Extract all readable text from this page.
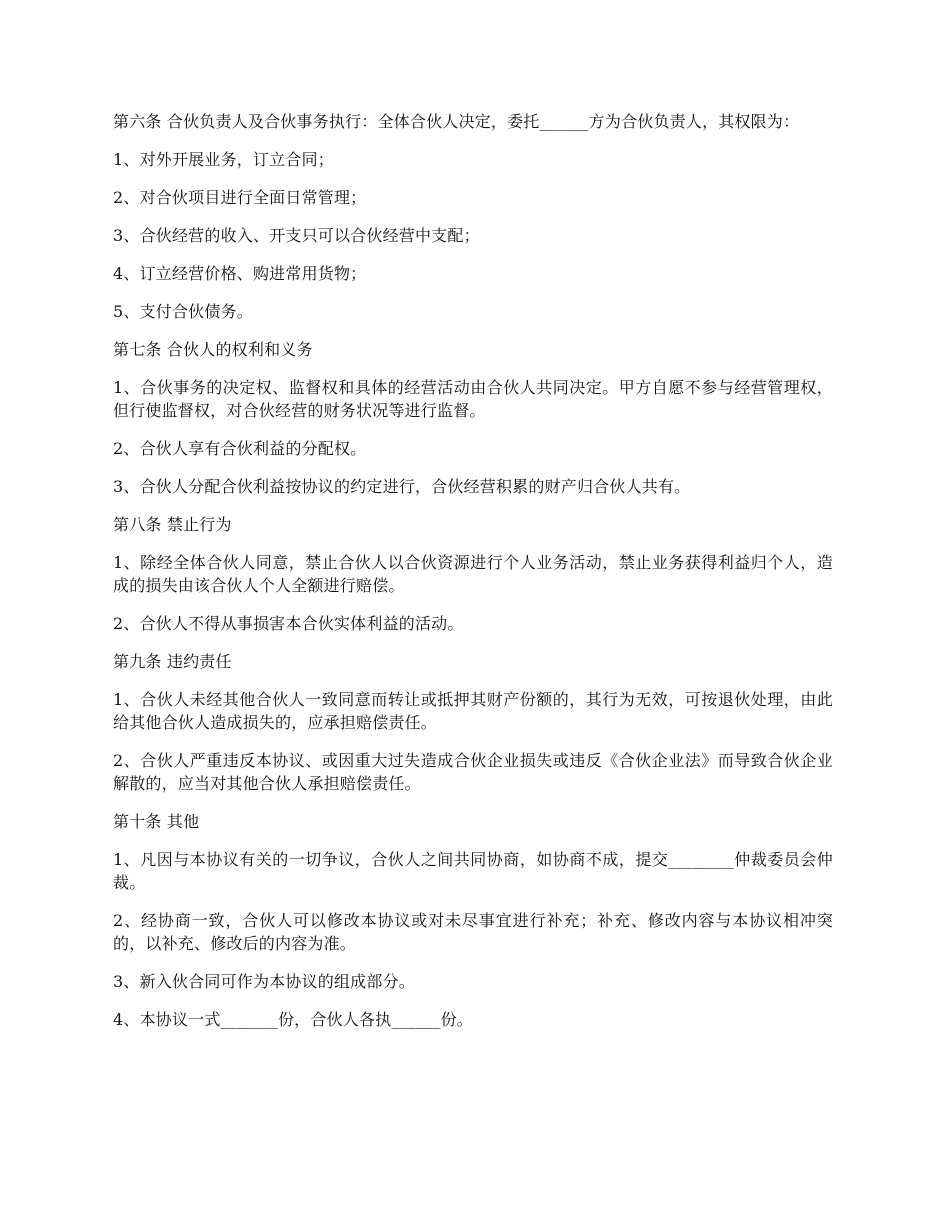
第六条 合伙负责人及合伙事务执行：全体合伙人决定，委托______方为合伙负责人，其权限为：

1、对外开展业务，订立合同；

2、对合伙项目进行全面日常管理；

3、合伙经营的收入、开支只可以合伙经营中支配；

4、订立经营价格、购进常用货物；

5、支付合伙债务。

第七条 合伙人的权利和义务

1、合伙事务的决定权、监督权和具体的经营活动由合伙人共同决定。甲方自愿不参与经营管理权，但行使监督权，对合伙经营的财务状况等进行监督。

2、合伙人享有合伙利益的分配权。

3、合伙人分配合伙利益按协议的约定进行，合伙经营积累的财产归合伙人共有。

第八条 禁止行为

1、除经全体合伙人同意，禁止合伙人以合伙资源进行个人业务活动，禁止业务获得利益归个人，造成的损失由该合伙人个人全额进行赔偿。

2、合伙人不得从事损害本合伙实体利益的活动。

第九条 违约责任

1、合伙人未经其他合伙人一致同意而转让或抵押其财产份额的，其行为无效，可按退伙处理，由此给其他合伙人造成损失的，应承担赔偿责任。

2、合伙人严重违反本协议、或因重大过失造成合伙企业损失或违反《合伙企业法》而导致合伙企业解散的，应当对其他合伙人承担赔偿责任。

第十条 其他

1、凡因与本协议有关的一切争议，合伙人之间共同协商，如协商不成，提交________仲裁委员会仲裁。

2、经协商一致，合伙人可以修改本协议或对未尽事宜进行补充；补充、修改内容与本协议相冲突的，以补充、修改后的内容为准。

3、新入伙合同可作为本协议的组成部分。

4、本协议一式_______份，合伙人各执______份。
